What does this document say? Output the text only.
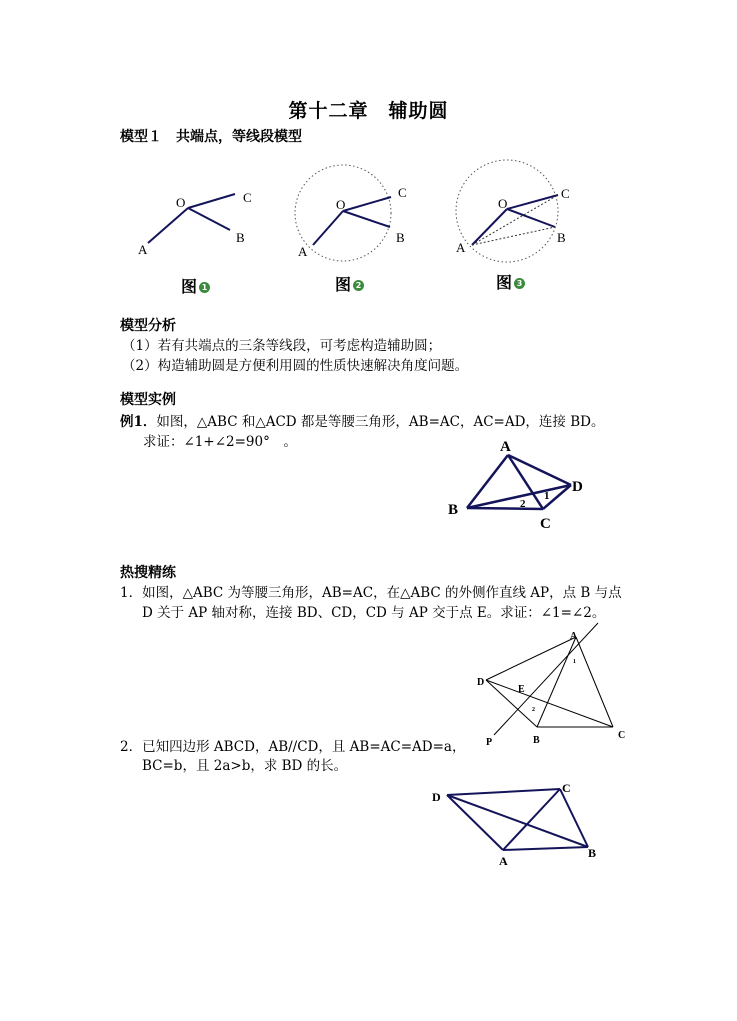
第十二章　辅助圆
模型１　共端点，等线段模型
O	C
B
A
O
C
B
A
O
C
B
A
图 1	图 2	图 3
模型分析
（1）若有共端点的三条等线段，可考虑构造辅助圆；
（2）构造辅助圆是方便利用圆的性质快速解决角度问题。
模型实例
例1．如图，△ABC 和△ACD 都是等腰三角形，AB=AC，AC=AD，连接 BD。
求证：∠1+∠2=90°　。	A
D
B
C
1
2
热搜精练
1．如图，△ABC 为等腰三角形，AB=AC，在△ABC 的外侧作直线 AP，点 B 与点
D 关于 AP 轴对称，连接 BD、CD，CD 与 AP 交于点 E。求证：∠1=∠2。
A
D
E
B	C
P
1
2
2．已知四边形 ABCD，AB//CD，且 AB=AC=AD=a，
BC=b，且 2a>b，求 BD 的长。
D
C
A
B
